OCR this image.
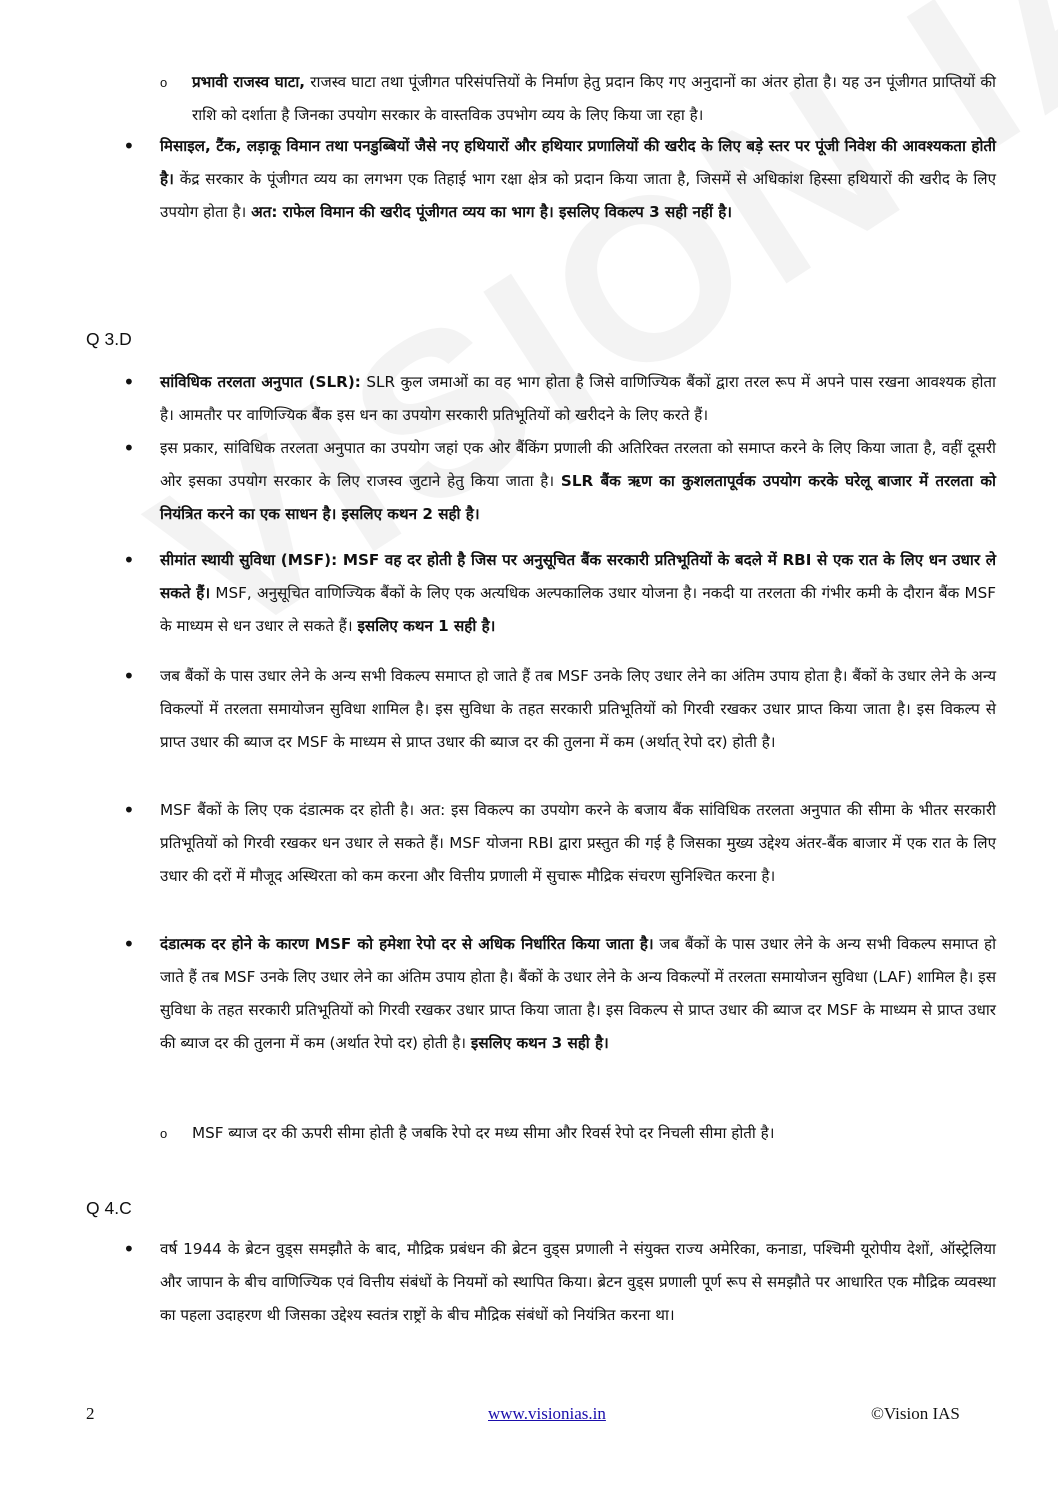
o प्रभावी राजस्व घाटा, राजस्व घाटा तथा पूंजीगत परिसंपत्तियों के निर्माण हेतु प्रदान किए गए अनुदानों का अंतर होता है। यह उन पूंजीगत प्राप्तियों की राशि को दर्शाता है जिनका उपयोग सरकार के वास्तविक उपभोग व्यय के लिए किया जा रहा है।

• मिसाइल, टैंक, लड़ाकू विमान तथा पनडुब्बियों जैसे नए हथियारों और हथियार प्रणालियों की खरीद के लिए बड़े स्तर पर पूंजी निवेश की आवश्यकता होती है। केंद्र सरकार के पूंजीगत व्यय का लगभग एक तिहाई भाग रक्षा क्षेत्र को प्रदान किया जाता है, जिसमें से अधिकांश हिस्सा हथियारों की खरीद के लिए उपयोग होता है। अत: राफेल विमान की खरीद पूंजीगत व्यय का भाग है। इसलिए विकल्प 3 सही नहीं है।

Q 3.D
• सांविधिक तरलता अनुपात (SLR): SLR कुल जमाओं का वह भाग होता है जिसे वाणिज्यिक बैंकों द्वारा तरल रूप में अपने पास रखना आवश्यक होता है। आमतौर पर वाणिज्यिक बैंक इस धन का उपयोग सरकारी प्रतिभूतियों को खरीदने के लिए करते हैं।

• इस प्रकार, सांविधिक तरलता अनुपात का उपयोग जहां एक ओर बैंकिंग प्रणाली की अतिरिक्त तरलता को समाप्त करने के लिए किया जाता है, वहीं दूसरी ओर इसका उपयोग सरकार के लिए राजस्व जुटाने हेतु किया जाता है। SLR बैंक ऋण का कुशलतापूर्वक उपयोग करके घरेलू बाजार में तरलता को नियंत्रित करने का एक साधन है। इसलिए कथन 2 सही है।

• सीमांत स्थायी सुविधा (MSF): MSF वह दर होती है जिस पर अनुसूचित बैंक सरकारी प्रतिभूतियों के बदले में RBI से एक रात के लिए धन उधार ले सकते हैं। MSF, अनुसूचित वाणिज्यिक बैंकों के लिए एक अत्यधिक अल्पकालिक उधार योजना है। नकदी या तरलता की गंभीर कमी के दौरान बैंक MSF के माध्यम से धन उधार ले सकते हैं। इसलिए कथन 1 सही है।

• जब बैंकों के पास उधार लेने के अन्य सभी विकल्प समाप्त हो जाते हैं तब MSF उनके लिए उधार लेने का अंतिम उपाय होता है। बैंकों के उधार लेने के अन्य विकल्पों में तरलता समायोजन सुविधा शामिल है। इस सुविधा के तहत सरकारी प्रतिभूतियों को गिरवी रखकर उधार प्राप्त किया जाता है। इस विकल्प से प्राप्त उधार की ब्याज दर MSF के माध्यम से प्राप्त उधार की ब्याज दर की तुलना में कम (अर्थात् रेपो दर) होती है।

• MSF बैंकों के लिए एक दंडात्मक दर होती है। अत: इस विकल्प का उपयोग करने के बजाय बैंक सांविधिक तरलता अनुपात की सीमा के भीतर सरकारी प्रतिभूतियों को गिरवी रखकर धन उधार ले सकते हैं। MSF योजना RBI द्वारा प्रस्तुत की गई है जिसका मुख्य उद्देश्य अंतर-बैंक बाजार में एक रात के लिए उधार की दरों में मौजूद अस्थिरता को कम करना और वित्तीय प्रणाली में सुचारू मौद्रिक संचरण सुनिश्चित करना है।

• दंडात्मक दर होने के कारण MSF को हमेशा रेपो दर से अधिक निर्धारित किया जाता है। जब बैंकों के पास उधार लेने के अन्य सभी विकल्प समाप्त हो जाते हैं तब MSF उनके लिए उधार लेने का अंतिम उपाय होता है। बैंकों के उधार लेने के अन्य विकल्पों में तरलता समायोजन सुविधा (LAF) शामिल है। इस सुविधा के तहत सरकारी प्रतिभूतियों को गिरवी रखकर उधार प्राप्त किया जाता है। इस विकल्प से प्राप्त उधार की ब्याज दर MSF के माध्यम से प्राप्त उधार की ब्याज दर की तुलना में कम (अर्थात रेपो दर) होती है। इसलिए कथन 3 सही है।

o MSF ब्याज दर की ऊपरी सीमा होती है जबकि रेपो दर मध्य सीमा और रिवर्स रेपो दर निचली सीमा होती है।

Q 4.C
• वर्ष 1944 के ब्रेटन वुड्स समझौते के बाद, मौद्रिक प्रबंधन की ब्रेटन वुड्स प्रणाली ने संयुक्त राज्य अमेरिका, कनाडा, पश्चिमी यूरोपीय देशों, ऑस्ट्रेलिया और जापान के बीच वाणिज्यिक एवं वित्तीय संबंधों के नियमों को स्थापित किया। ब्रेटन वुड्स प्रणाली पूर्ण रूप से समझौते पर आधारित एक मौद्रिक व्यवस्था का पहला उदाहरण थी जिसका उद्देश्य स्वतंत्र राष्ट्रों के बीच मौद्रिक संबंधों को नियंत्रित करना था।

2	www.visionias.in	©Vision IAS
